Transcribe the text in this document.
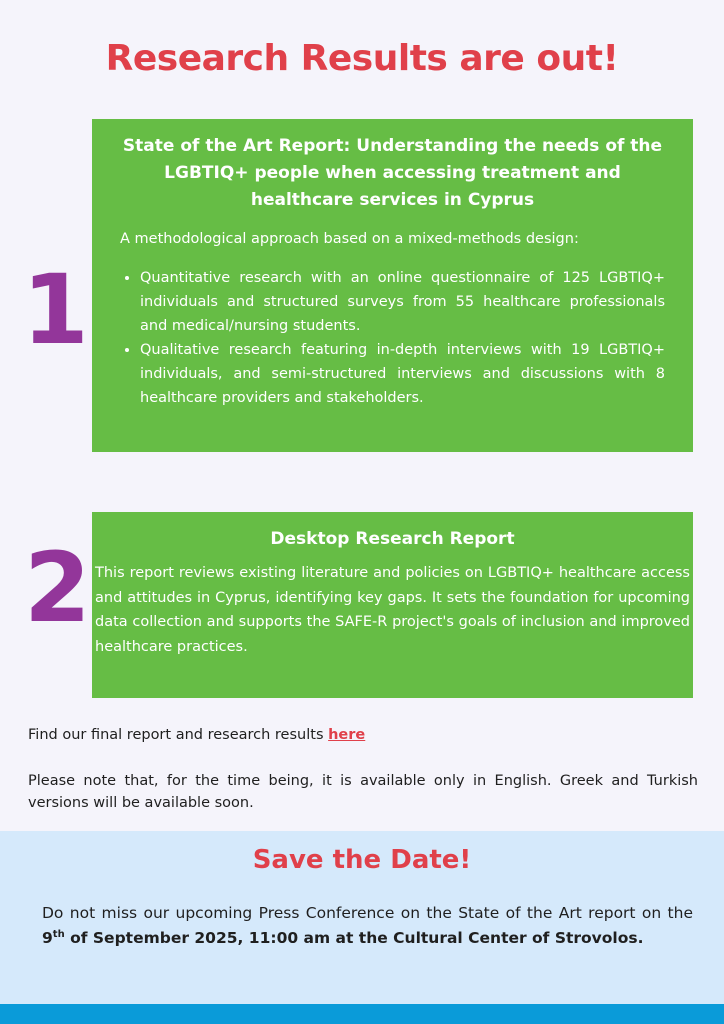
Research Results are out!
1

State of the Art Report: Understanding the needs of the LGBTIQ+ people when accessing treatment and healthcare services in Cyprus

A methodological approach based on a mixed-methods design:

• Quantitative research with an online questionnaire of 125 LGBTIQ+ individuals and structured surveys from 55 healthcare professionals and medical/nursing students.
• Qualitative research featuring in-depth interviews with 19 LGBTIQ+ individuals, and semi-structured interviews and discussions with 8 healthcare providers and stakeholders.
2	Desktop Research Report

This report reviews existing literature and policies on LGBTIQ+ healthcare access and attitudes in Cyprus, identifying key gaps. It sets the foundation for upcoming data collection and supports the SAFE-R project's goals of inclusion and improved healthcare practices.

Find our final report and research results here

Please note that, for the time being, it is available only in English. Greek and Turkish versions will be available soon.

Save the Date!

Do not miss our upcoming Press Conference on the State of the Art report on the 9th of September 2025, 11:00 am at the Cultural Center of Strovolos.
